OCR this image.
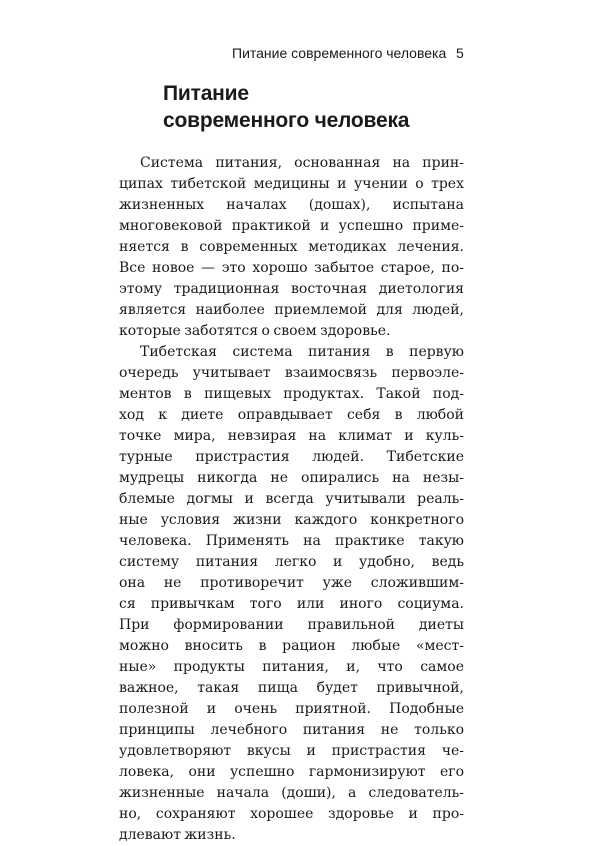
Питание современного человека 5
Питание
современного человека
Система питания, основанная на прин-
ципах тибетской медицины и учении о трех
жизненных началах (дошах), испытана
многовековой практикой и успешно приме-
няется в современных методиках лечения.
Все новое — это хорошо забытое старое, по-
этому традиционная восточная диетология
является наиболее приемлемой для людей,
которые заботятся о своем здоровье.
Тибетская система питания в первую
очередь учитывает взаимосвязь первоэле-
ментов в пищевых продуктах. Такой под-
ход к диете оправдывает себя в любой
точке мира, невзирая на климат и куль-
турные пристрастия людей. Тибетские
мудрецы никогда не опирались на незы-
блемые догмы и всегда учитывали реаль-
ные условия жизни каждого конкретного
человека. Применять на практике такую
систему питания легко и удобно, ведь
она не противоречит уже сложившим-
ся привычкам того или иного социума.
При формировании правильной диеты
можно вносить в рацион любые «мест-
ные» продукты питания, и, что самое
важное, такая пища будет привычной,
полезной и очень приятной. Подобные
принципы лечебного питания не только
удовлетворяют вкусы и пристрастия че-
ловека, они успешно гармонизируют его
жизненные начала (доши), а следователь-
но, сохраняют хорошее здоровье и про-
длевают жизнь.
